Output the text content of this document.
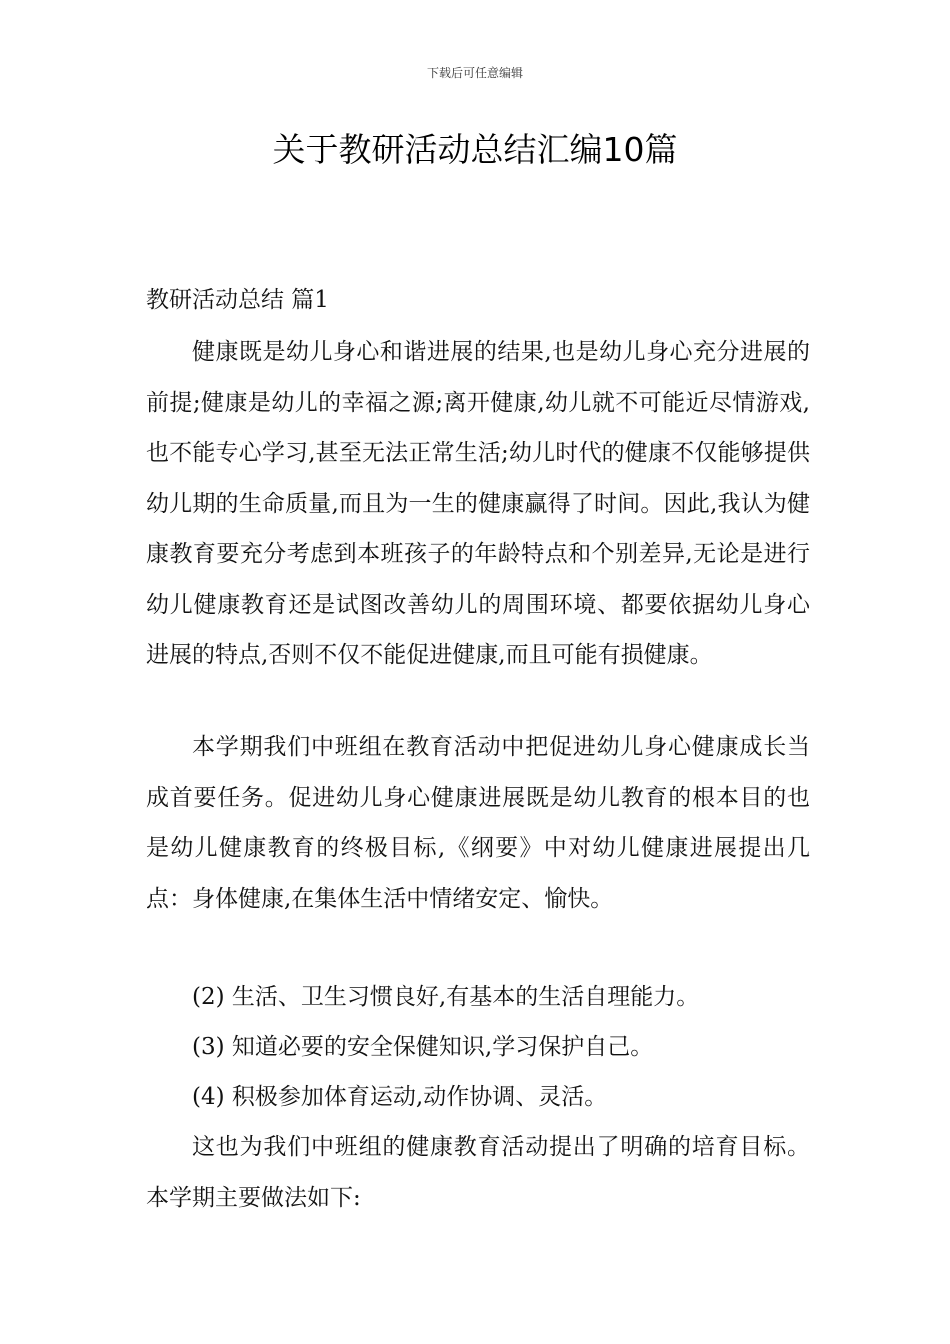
下载后可任意编辑
关于教研活动总结汇编10篇
教研活动总结 篇1

健康既是幼儿身心和谐进展的结果,也是幼儿身心充分进展的前提;健康是幼儿的幸福之源;离开健康,幼儿就不可能近尽情游戏,也不能专心学习,甚至无法正常生活;幼儿时代的健康不仅能够提供幼儿期的生命质量,而且为一生的健康赢得了时间。因此,我认为健康教育要充分考虑到本班孩子的年龄特点和个别差异,无论是进行幼儿健康教育还是试图改善幼儿的周围环境、都要依据幼儿身心进展的特点,否则不仅不能促进健康,而且可能有损健康。

本学期我们中班组在教育活动中把促进幼儿身心健康成长当成首要任务。促进幼儿身心健康进展既是幼儿教育的根本目的也是幼儿健康教育的终极目标,《纲要》中对幼儿健康进展提出几点：身体健康,在集体生活中情绪安定、愉快。

(2) 生活、卫生习惯良好,有基本的生活自理能力。

(3) 知道必要的安全保健知识,学习保护自己。

(4) 积极参加体育运动,动作协调、灵活。

这也为我们中班组的健康教育活动提出了明确的培育目标。本学期主要做法如下:
